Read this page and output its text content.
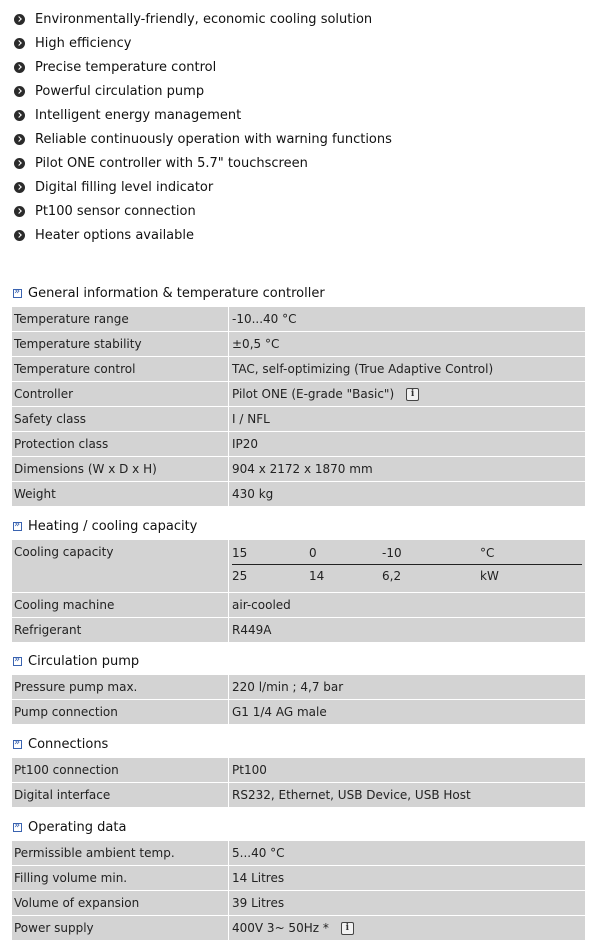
Environmentally-friendly, economic cooling solution
High efficiency
Precise temperature control
Powerful circulation pump
Intelligent energy management
Reliable continuously operation with warning functions
Pilot ONE controller with 5.7" touchscreen
Digital filling level indicator
Pt100 sensor connection
Heater options available
»
General information & temperature controller
Temperature range	-10...40 °C
Temperature stability	±0,5 °C
Temperature control	TAC, self-optimizing (True Adaptive Control)
Controller	Pilot ONE (E-grade "Basic") i
Safety class	I / NFL
Protection class	IP20
Dimensions (W x D x H)	904 x 2172 x 1870 mm
Weight	430 kg
»
Heating / cooling capacity
Cooling capacity	15	0	-10	°C
25	14	6,2	kW
Cooling machine	air-cooled
Refrigerant	R449A
»
Circulation pump
Pressure pump max.	220 l/min ; 4,7 bar
Pump connection	G1 1/4 AG male
»
Connections
Pt100 connection	Pt100
Digital interface	RS232, Ethernet, USB Device, USB Host
»
Operating data
Permissible ambient temp.	5...40 °C
Filling volume min.	14 Litres
Volume of expansion	39 Litres
Power supply	400V 3~ 50Hz * i
